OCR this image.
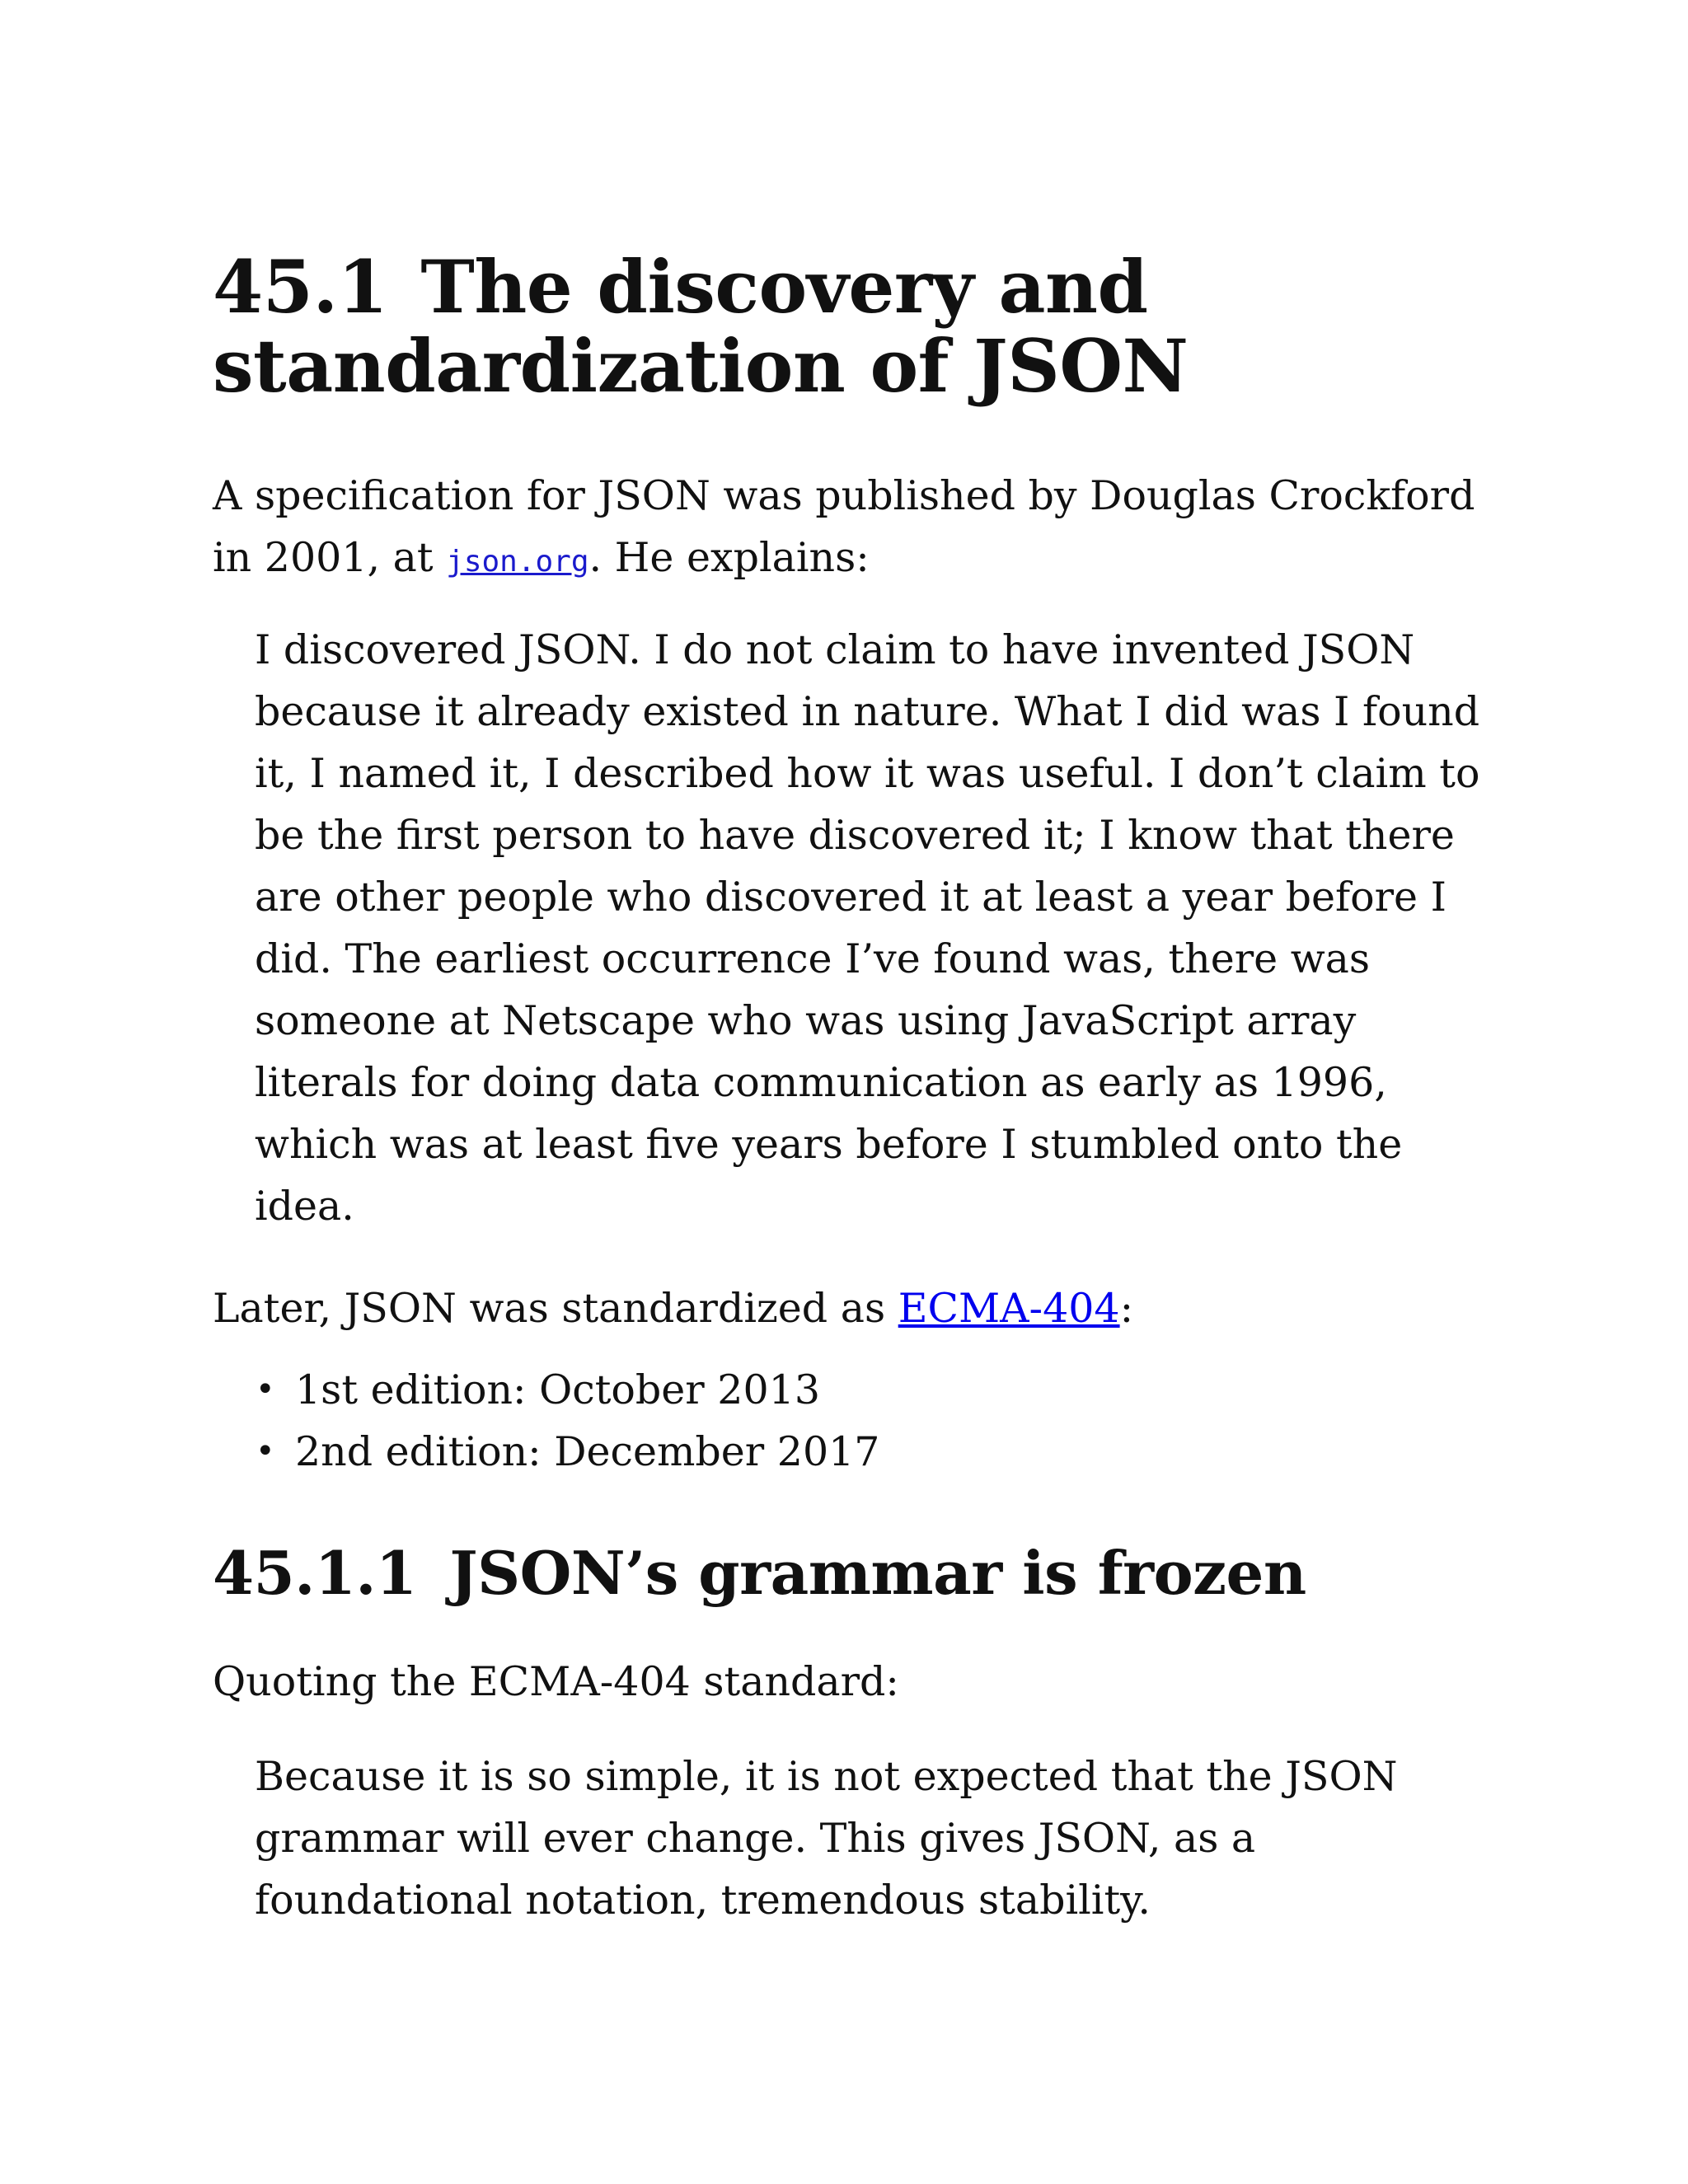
45.1 The discovery and
standardization of JSON

A specification for JSON was published by Douglas Crockford in 2001, at json.org. He explains:

I discovered JSON. I do not claim to have invented JSON because it already existed in nature. What I did was I found it, I named it, I described how it was useful. I don’t claim to be the first person to have discovered it; I know that there are other people who discovered it at least a year before I did. The earliest occurrence I’ve found was, there was someone at Netscape who was using JavaScript array literals for doing data communication as early as 1996, which was at least five years before I stumbled onto the idea.

Later, JSON was standardized as ECMA-404:

• 1st edition: October 2013
• 2nd edition: December 2017
45.1.1 JSON’s grammar is frozen

Quoting the ECMA-404 standard:

Because it is so simple, it is not expected that the JSON grammar will ever change. This gives JSON, as a foundational notation, tremendous stability.
